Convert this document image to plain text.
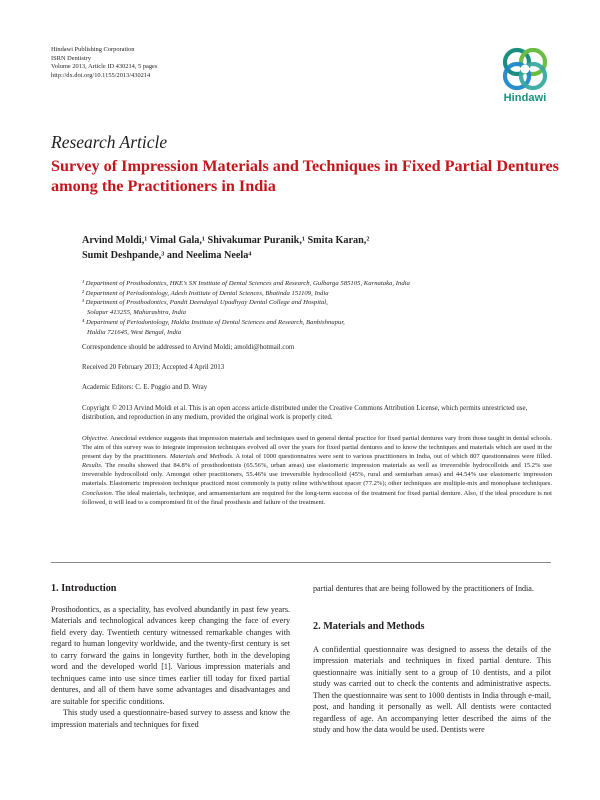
Hindawi Publishing Corporation
ISRN Dentistry
Volume 2013, Article ID 430214, 5 pages
http://dx.doi.org/10.1155/2013/430214
Hindawi
Research Article
Survey of Impression Materials and Techniques in Fixed Partial Dentures among the Practitioners in India
Arvind Moldi,¹ Vimal Gala,¹ Shivakumar Puranik,¹ Smita Karan,²
Sumit Deshpande,³ and Neelima Neela⁴
¹ Department of Prosthodontics, HKE’s SN Institute of Dental Sciences and Research, Gulbarga 585105, Karnataka, India
² Department of Periodontology, Adesh Institute of Dental Sciences, Bhatinda 151109, India
³ Department of Prosthodontics, Pandit Deendayal Upadhyay Dental College and Hospital,
Solapur 413255, Maharashtra, India
⁴ Department of Periodontology, Haldia Institute of Dental Sciences and Research, Banbishnupur,
Haldia 721645, West Bengal, India
Correspondence should be addressed to Arvind Moldi; amoldi@hotmail.com
Received 20 February 2013; Accepted 4 April 2013
Academic Editors: C. E. Poggio and D. Wray
Copyright © 2013 Arvind Moldi et al. This is an open access article distributed under the Creative Commons Attribution License, which permits unrestricted use, distribution, and reproduction in any medium, provided the original work is properly cited.
Objective. Anecdotal evidence suggests that impression materials and techniques used in general dental practice for fixed partial dentures vary from those taught in dental schools. The aim of this survey was to integrate impression techniques evolved all over the years for fixed partial dentures and to know the techniques and materials which are used in the present day by the practitioners. Materials and Methods. A total of 1000 questionnaires were sent to various practitioners in India, out of which 807 questionnaires were filled. Results. The results showed that 84.8% of prosthodontists (65.56%, urban areas) use elastomeric impression materials as well as irreversible hydrocolloids and 15.2% use irreversible hydrocolloid only. Amongst other practitioners, 55.46% use irreversible hydrocolloid (45%, rural and semiurban areas) and 44.54% use elastomeric impression materials. Elastomeric impression technique practiced most commonly is putty reline with/without spacer (77.2%); other techniques are multiple-mix and monophase techniques. Conclusion. The ideal materials, technique, and armamentarium are required for the long-term success of the treatment for fixed partial denture. Also, if the ideal procedure is not followed, it will lead to a compromised fit of the final prosthesis and failure of the treatment.
1. Introduction

Prosthodontics, as a speciality, has evolved abundantly in past few years. Materials and technological advances keep changing the face of every field every day. Twentieth century witnessed remarkable changes with regard to human longevity worldwide, and the twenty-first century is set to carry forward the gains in longevity further, both in the developing word and the developed world [1]. Various impression materials and techniques came into use since times earlier till today for fixed partial dentures, and all of them have some advantages and disadvantages and are suitable for specific conditions.

This study used a questionnaire-based survey to assess and know the impression materials and techniques for fixed

partial dentures that are being followed by the practitioners of India.
2. Materials and Methods

A confidential questionnaire was designed to assess the details of the impression materials and techniques in fixed partial denture. This questionnaire was initially sent to a group of 10 dentists, and a pilot study was carried out to check the contents and administrative aspects. Then the questionnaire was sent to 1000 dentists in India through e-mail, post, and handing it personally as well. All dentists were contacted regardless of age. An accompanying letter described the aims of the study and how the data would be used. Dentists were
